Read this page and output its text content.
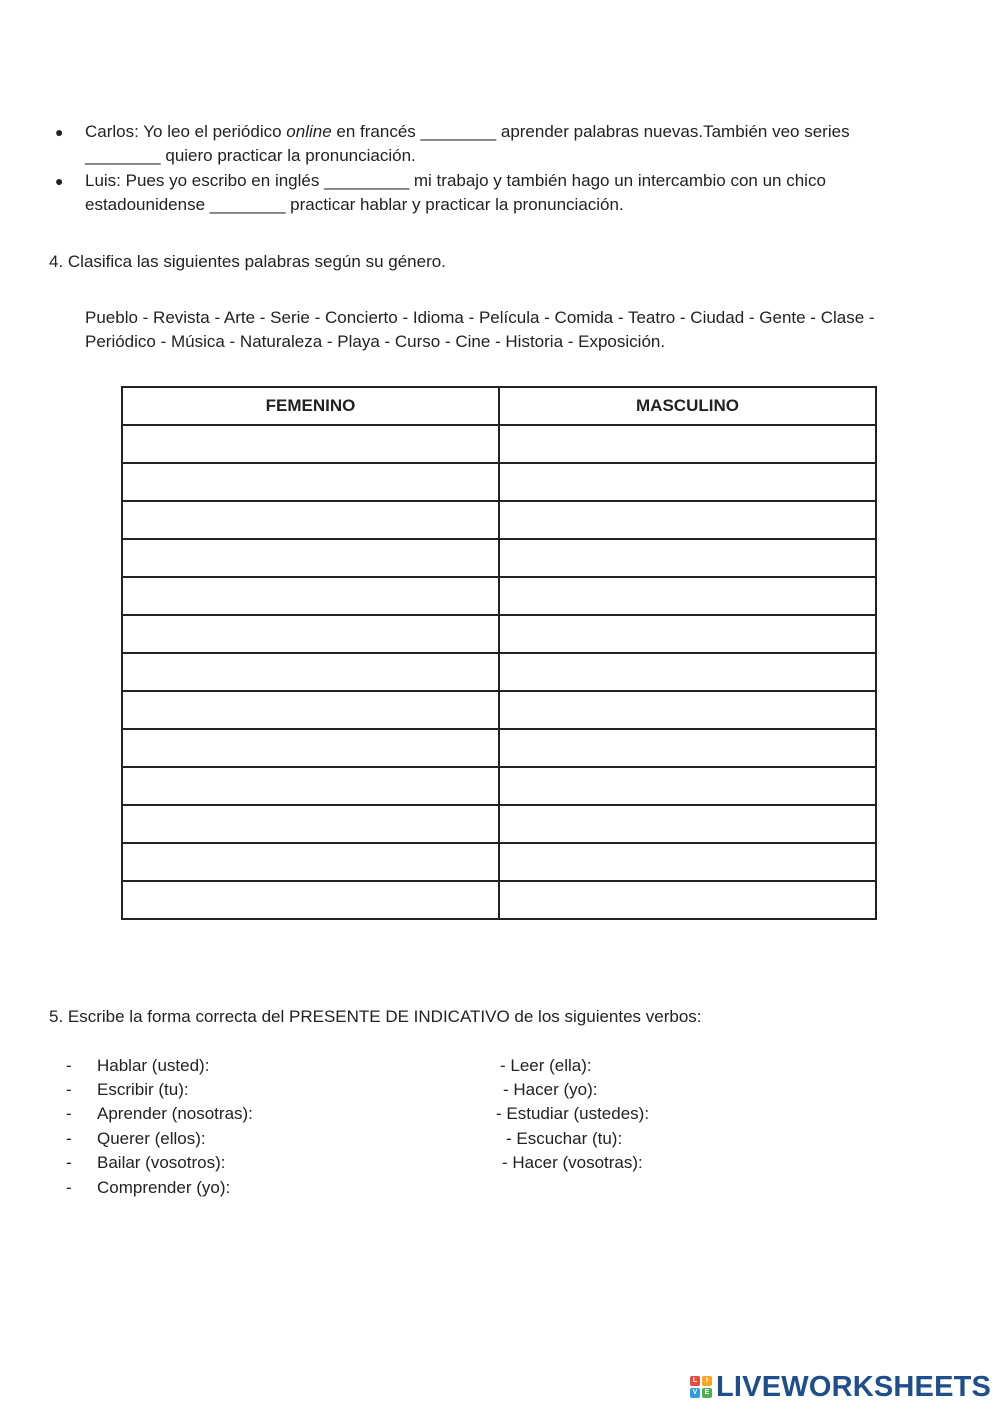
● Carlos: Yo leo el periódico online en francés ________ aprender palabras nuevas.También veo series
________ quiero practicar la pronunciación.
● Luis: Pues yo escribo en inglés _________ mi trabajo y también hago un intercambio con un chico
estadounidense ________ practicar hablar y practicar la pronunciación.
4. Clasifica las siguientes palabras según su género.
Pueblo - Revista - Arte - Serie - Concierto - Idioma - Película - Comida - Teatro - Ciudad - Gente - Clase -
Periódico - Música - Naturaleza - Playa - Curso - Cine - Historia - Exposición.
FEMENINO	MASCULINO

5. Escribe la forma correcta del PRESENTE DE INDICATIVO de los siguientes verbos:
- Hablar (usted):
- Escribir (tu):
- Aprender (nosotras):
- Querer (ellos):
- Bailar (vosotros):
- Comprender (yo):
- Leer (ella):
- Hacer (yo):
- Estudiar (ustedes):
- Escuchar (tu):
- Hacer (vosotras):
L	I
V	E LIVEWORKSHEETS
